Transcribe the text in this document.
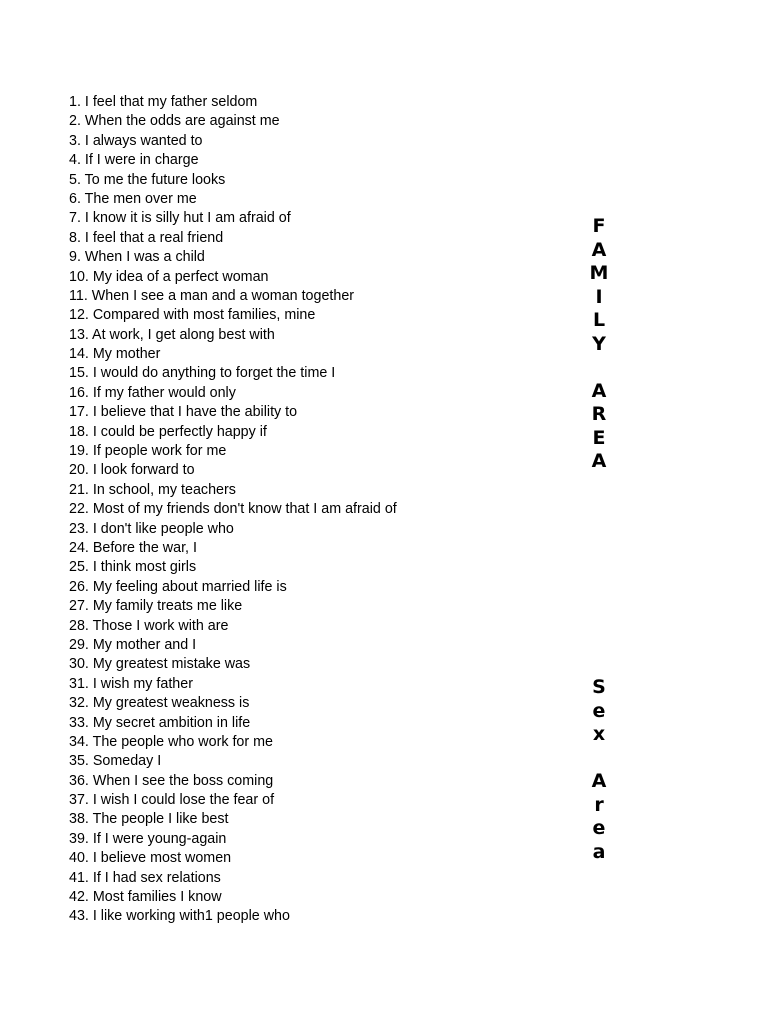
1. I feel that my father seldom
2. When the odds are against me
3. I always wanted to
4. If I were in charge
5. To me the future looks
6. The men over me
7. I know it is silly hut I am afraid of
8. I feel that a real friend
9. When I was a child
10. My idea of a perfect woman
11. When I see a man and a woman together
12. Compared with most families, mine
13. At work, I get along best with
14. My mother
15. I would do anything to forget the time I
16. If my father would only
17. I believe that I have the ability to
18. I could be perfectly happy if
19. If people work for me
20. I look forward to
21. In school, my teachers
22. Most of my friends don't know that I am afraid of
23. I don't like people who
24. Before the war, I
25. I think most girls
26. My feeling about married life is
27. My family treats me like
28. Those I work with are
29. My mother and I
30. My greatest mistake was
31. I wish my father
32. My greatest weakness is
33. My secret ambition in life
34. The people who work for me
35. Someday I
36. When I see the boss coming
37. I wish I could lose the fear of
38. The people I like best
39. If I were young-again
40. I believe most women
41. If I had sex relations
42. Most families I know
43. I like working with1 people who
F
A
M
I
L
Y
A
R
E
A
S
e
x
A
r
e
a
